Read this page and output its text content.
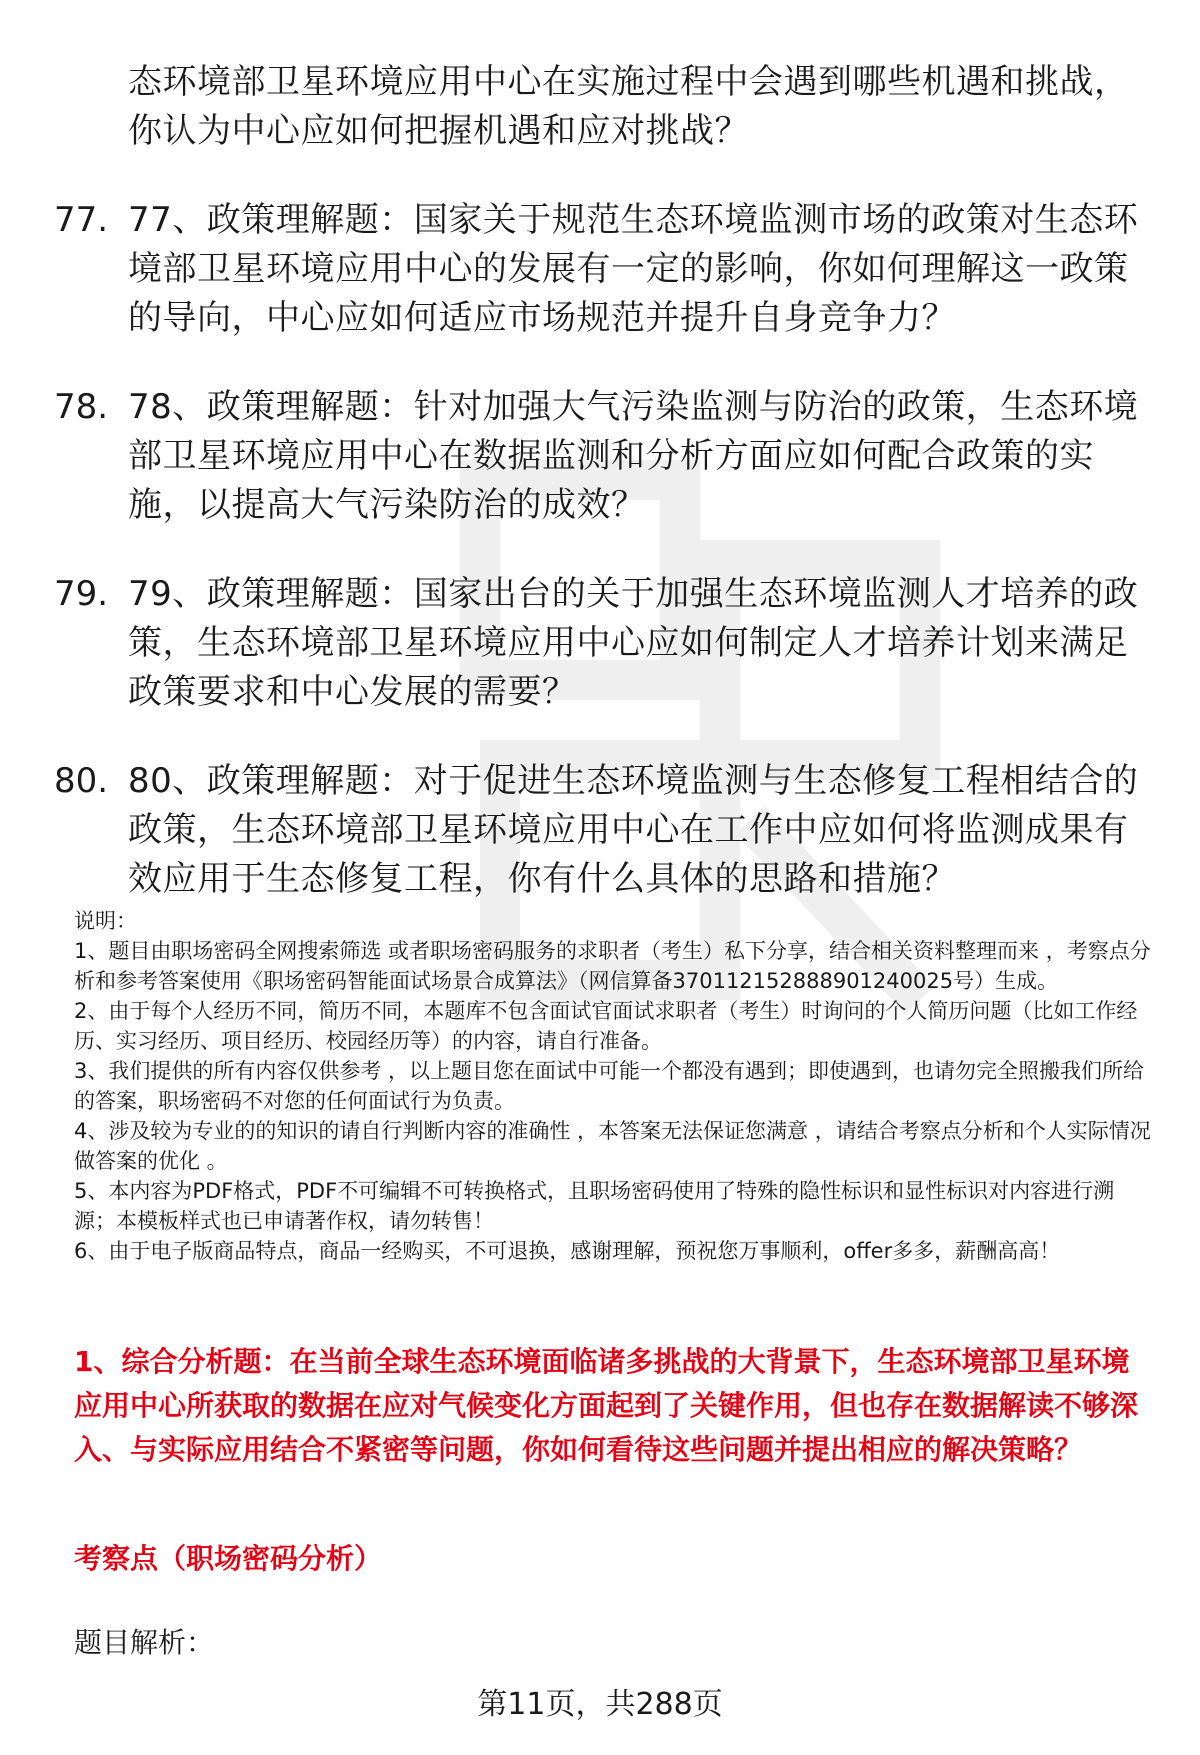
态环境部卫星环境应用中心在实施过程中会遇到哪些机遇和挑战，你认为中心应如何把握机遇和应对挑战？
77. 77、政策理解题：国家关于规范生态环境监测市场的政策对生态环境部卫星环境应用中心的发展有一定的影响，你如何理解这一政策的导向，中心应如何适应市场规范并提升自身竞争力？
78. 78、政策理解题：针对加强大气污染监测与防治的政策，生态环境部卫星环境应用中心在数据监测和分析方面应如何配合政策的实施，以提高大气污染防治的成效？
79. 79、政策理解题：国家出台的关于加强生态环境监测人才培养的政策，生态环境部卫星环境应用中心应如何制定人才培养计划来满足政策要求和中心发展的需要？
80. 80、政策理解题：对于促进生态环境监测与生态修复工程相结合的政策，生态环境部卫星环境应用中心在工作中应如何将监测成果有效应用于生态修复工程，你有什么具体的思路和措施？

说明：

1、题目由职场密码全网搜索筛选 或者职场密码服务的求职者（考生）私下分享，结合相关资料整理而来 ，考察点分析和参考答案使用《职场密码智能面试场景合成算法》（网信算备370112152888901240025号）生成。

2、由于每个人经历不同，简历不同，本题库不包含面试官面试求职者（考生）时询问的个人简历问题（比如工作经历、实习经历、项目经历、校园经历等）的内容，请自行准备。

3、我们提供的所有内容仅供参考 ，以上题目您在面试中可能一个都没有遇到；即使遇到，也请勿完全照搬我们所给的答案，职场密码不对您的任何面试行为负责。

4、涉及较为专业的的知识的请自行判断内容的准确性 ，本答案无法保证您满意 ，请结合考察点分析和个人实际情况做答案的优化 。

5、本内容为PDF格式，PDF不可编辑不可转换格式，且职场密码使用了特殊的隐性标识和显性标识对内容进行溯源；本模板样式也已申请著作权，请勿转售！

6、由于电子版商品特点，商品一经购买，不可退换，感谢理解，预祝您万事顺利，offer多多，薪酬高高！

1、综合分析题：在当前全球生态环境面临诸多挑战的大背景下，生态环境部卫星环境应用中心所获取的数据在应对气候变化方面起到了关键作用，但也存在数据解读不够深入、与实际应用结合不紧密等问题，你如何看待这些问题并提出相应的解决策略？
考察点（职场密码分析）
题目解析：
第11页，共288页
